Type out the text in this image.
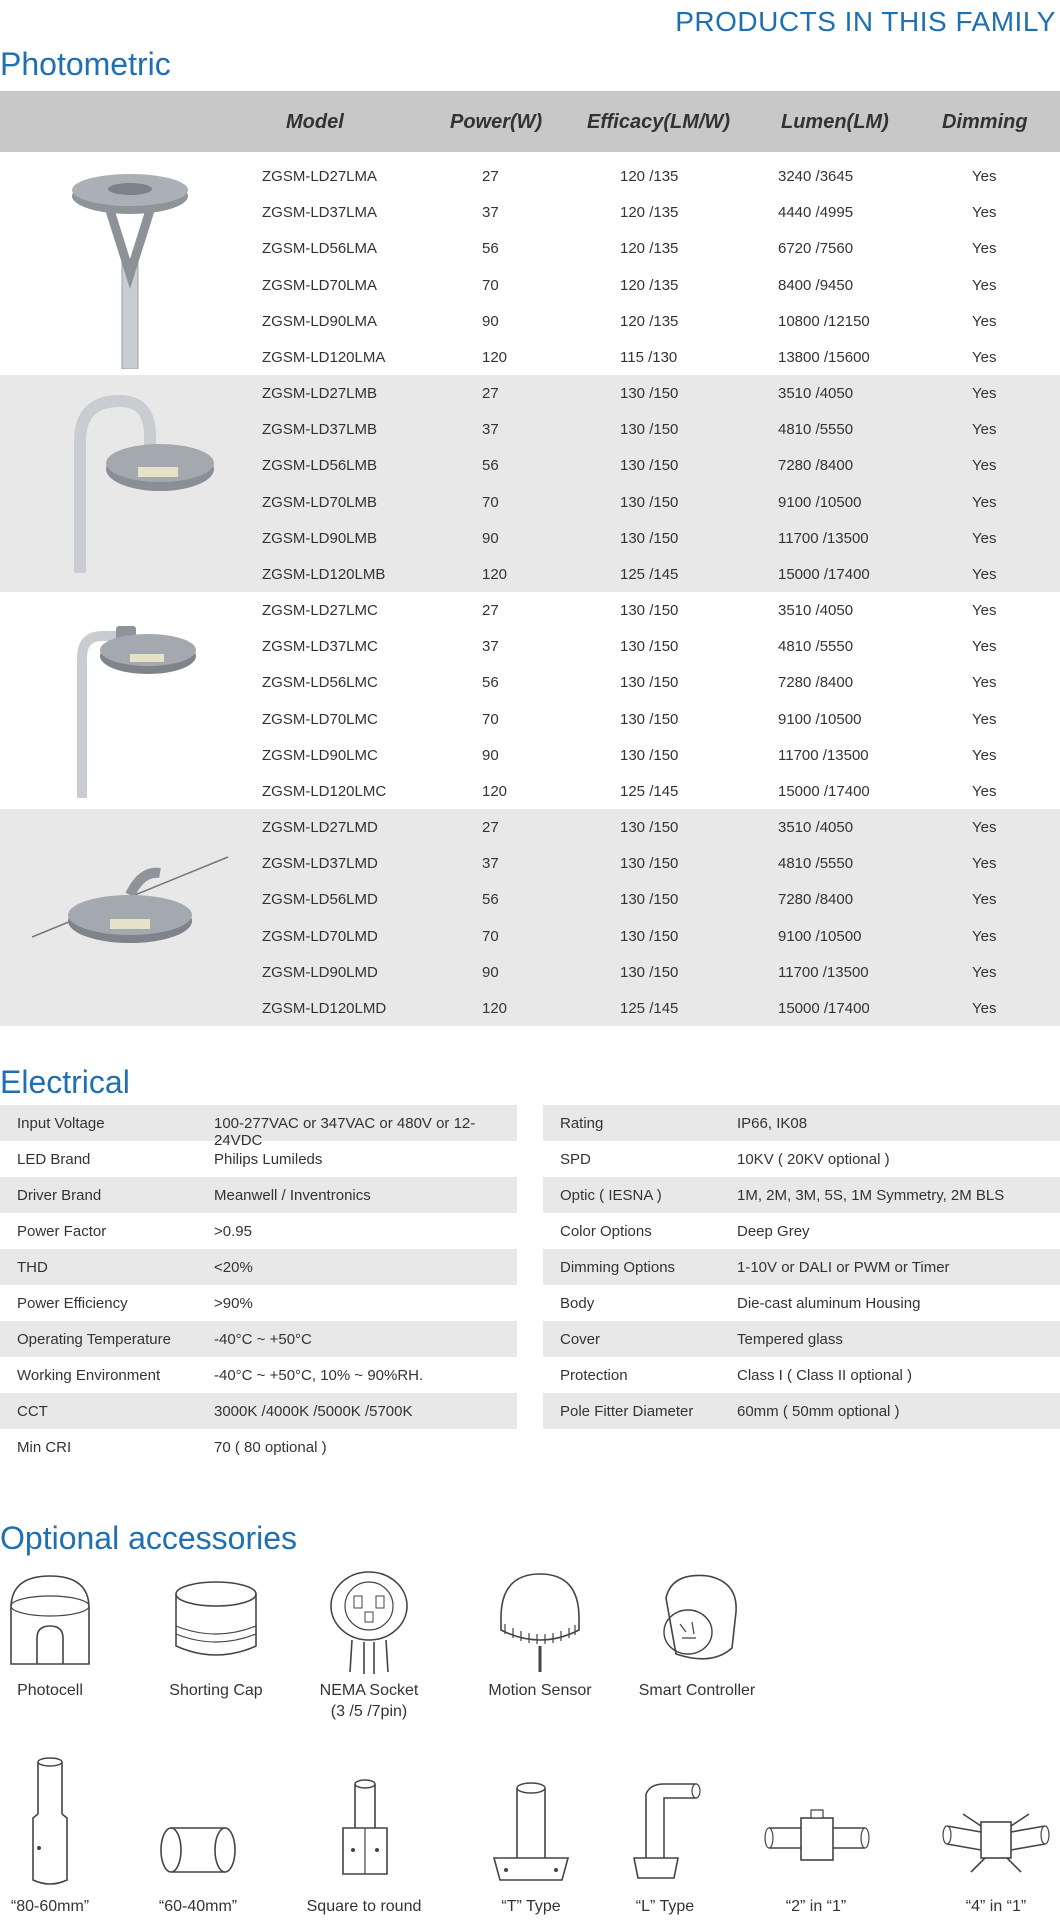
PRODUCTS IN THIS FAMILY
Photometric
Model	Power(W) Efficacy(LM/W)	Lumen(LM)	Dimming
ZGSM-LD27LMA	27	120 /135	3240 /3645	Yes
ZGSM-LD37LMA	37	120 /135	4440 /4995	Yes
ZGSM-LD56LMA	56	120 /135	6720 /7560	Yes
ZGSM-LD70LMA	70	120 /135	8400 /9450	Yes
ZGSM-LD90LMA	90	120 /135	10800 /12150	Yes
ZGSM-LD120LMA	120	115 /130	13800 /15600	Yes
ZGSM-LD27LMB	27	130 /150	3510 /4050	Yes
ZGSM-LD37LMB	37	130 /150	4810 /5550	Yes
ZGSM-LD56LMB	56	130 /150	7280 /8400	Yes
ZGSM-LD70LMB	70	130 /150	9100 /10500	Yes
ZGSM-LD90LMB	90	130 /150	11700 /13500	Yes
ZGSM-LD120LMB	120	125 /145	15000 /17400	Yes
ZGSM-LD27LMC	27	130 /150	3510 /4050	Yes
ZGSM-LD37LMC	37	130 /150	4810 /5550	Yes
ZGSM-LD56LMC	56	130 /150	7280 /8400	Yes
ZGSM-LD70LMC	70	130 /150	9100 /10500	Yes
ZGSM-LD90LMC	90	130 /150	11700 /13500	Yes
ZGSM-LD120LMC	120	125 /145	15000 /17400	Yes
ZGSM-LD27LMD	27	130 /150	3510 /4050	Yes
ZGSM-LD37LMD	37	130 /150	4810 /5550	Yes
ZGSM-LD56LMD	56	130 /150	7280 /8400	Yes
ZGSM-LD70LMD	70	130 /150	9100 /10500	Yes
ZGSM-LD90LMD	90	130 /150	11700 /13500	Yes
ZGSM-LD120LMD	120	125 /145	15000 /17400	Yes
Electrical
Input Voltage	100-277VAC or 347VAC or 480V or 12-24VDC
LED Brand	Philips Lumileds
Driver Brand	Meanwell / Inventronics
Power Factor	>0.95
THD	<20%
Power Efficiency	>90%
Operating Temperature	-40°C ~ +50°C
Working Environment	-40°C ~ +50°C, 10% ~ 90%RH.
CCT	3000K /4000K /5000K /5700K
Min CRI	70 ( 80 optional )
Rating	IP66, IK08
SPD	10KV ( 20KV optional )
Optic ( IESNA )	1M, 2M, 3M, 5S, 1M Symmetry, 2M BLS
Color Options	Deep Grey
Dimming Options	1-10V or DALI or PWM or Timer
Body	Die-cast aluminum Housing
Cover	Tempered glass
Protection	Class I ( Class II optional )
Pole Fitter Diameter	60mm ( 50mm optional )
Optional accessories
Photocell	Shorting Cap	NEMA Socket
(3 /5 /7pin)
Motion Sensor	Smart Controller
“80-60mm”	“60-40mm”	Square to round	“T” Type	“L” Type	“2” in “1”	“4” in “1”
